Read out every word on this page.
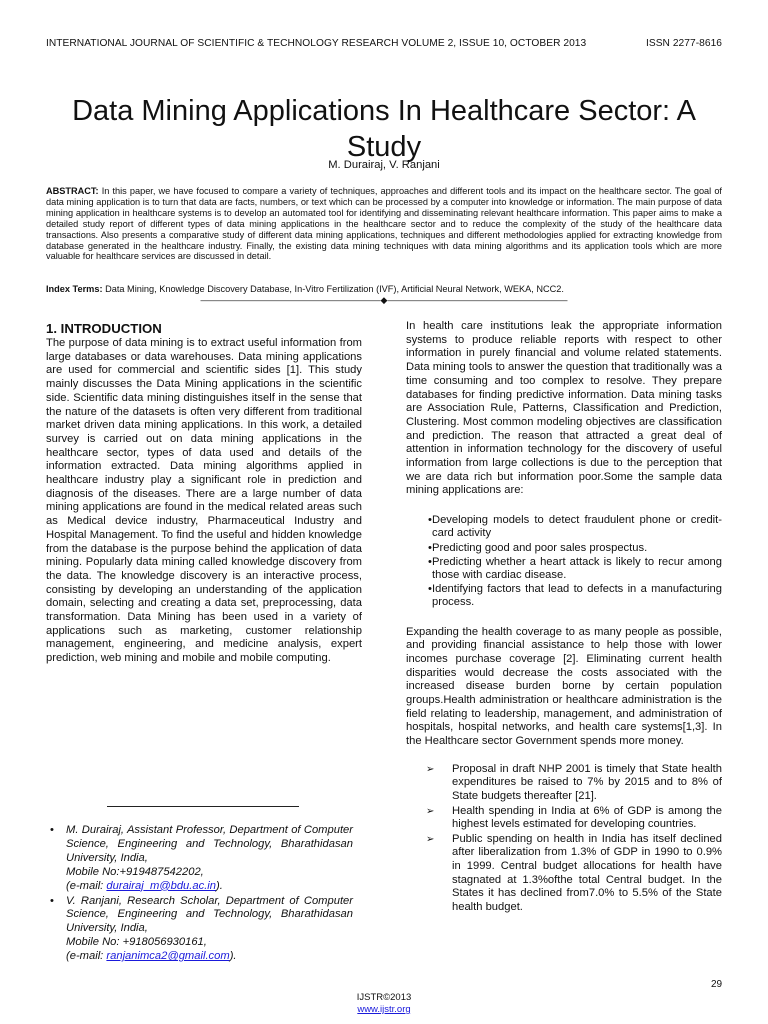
INTERNATIONAL JOURNAL OF SCIENTIFIC & TECHNOLOGY RESEARCH VOLUME 2, ISSUE 10, OCTOBER 2013	ISSN 2277-8616
Data Mining Applications In Healthcare Sector: A
Study
M. Durairaj, V. Ranjani
ABSTRACT: In this paper, we have focused to compare a variety of techniques, approaches and different tools and its impact on the healthcare sector. The goal of data mining application is to turn that data are facts, numbers, or text which can be processed by a computer into knowledge or information. The main purpose of data mining application in healthcare systems is to develop an automated tool for identifying and disseminating relevant healthcare information. This paper aims to make a detailed study report of different types of data mining applications in the healthcare sector and to reduce the complexity of the study of the healthcare data transactions. Also presents a comparative study of different data mining applications, techniques and different methodologies applied for extracting knowledge from database generated in the healthcare industry. Finally, the existing data mining techniques with data mining algorithms and its application tools which are more valuable for healthcare services are discussed in detail.
Index Terms: Data Mining, Knowledge Discovery Database, In-Vitro Fertilization (IVF), Artificial Neural Network, WEKA, NCC2.
————————————————————◆————————————————————
1. INTRODUCTION

The purpose of data mining is to extract useful information from large databases or data warehouses. Data mining applications are used for commercial and scientific sides [1]. This study mainly discusses the Data Mining applications in the scientific side. Scientific data mining distinguishes itself in the sense that the nature of the datasets is often very different from traditional market driven data mining applications. In this work, a detailed survey is carried out on data mining applications in the healthcare sector, types of data used and details of the information extracted. Data mining algorithms applied in healthcare industry play a significant role in prediction and diagnosis of the diseases. There are a large number of data mining applications are found in the medical related areas such as Medical device industry, Pharmaceutical Industry and Hospital Management. To find the useful and hidden knowledge from the database is the purpose behind the application of data mining. Popularly data mining called knowledge discovery from the data. The knowledge discovery is an interactive process, consisting by developing an understanding of the application domain, selecting and creating a data set, preprocessing, data transformation. Data Mining has been used in a variety of applications such as marketing, customer relationship management, engineering, and medicine analysis, expert prediction, web mining and mobile and mobile computing.

In health care institutions leak the appropriate information systems to produce reliable reports with respect to other information in purely financial and volume related statements. Data mining tools to answer the question that traditionally was a time consuming and too complex to resolve. They prepare databases for finding predictive information. Data mining tasks are Association Rule, Patterns, Classification and Prediction, Clustering. Most common modeling objectives are classification and prediction. The reason that attracted a great deal of attention in information technology for the discovery of useful information from large collections is due to the perception that we are data rich but information poor.Some the sample data mining applications are:

• Developing models to detect fraudulent phone or credit-card activity
• Predicting good and poor sales prospectus.
• Predicting whether a heart attack is likely to recur among those with cardiac disease.
• Identifying factors that lead to defects in a manufacturing process.

Expanding the health coverage to as many people as possible, and providing financial assistance to help those with lower incomes purchase coverage [2]. Eliminating current health disparities would decrease the costs associated with the increased disease burden borne by certain population groups.Health administration or healthcare administration is the field relating to leadership, management, and administration of hospitals, hospital networks, and health care systems[1,3]. In the Healthcare sector Government spends more money.

➢ Proposal in draft NHP 2001 is timely that State health expenditures be raised to 7% by 2015 and to 8% of State budgets thereafter [21].
➢ Health spending in India at 6% of GDP is among the highest levels estimated for developing countries.
➢ Public spending on health in India has itself declined after liberalization from 1.3% of GDP in 1990 to 0.9% in 1999. Central budget allocations for health have stagnated at 1.3%ofthe total Central budget. In the States it has declined from7.0% to 5.5% of the State health budget.
• M. Durairaj, Assistant Professor, Department of Computer Science, Engineering and Technology, Bharathidasan University, India,
Mobile No:+919487542202,
(e-mail: durairaj_m@bdu.ac.in).
• V. Ranjani, Research Scholar, Department of Computer Science, Engineering and Technology, Bharathidasan University, India,
Mobile No: +918056930161,
(e-mail: ranjanimca2@gmail.com).
29
IJSTR©2013
www.ijstr.org
